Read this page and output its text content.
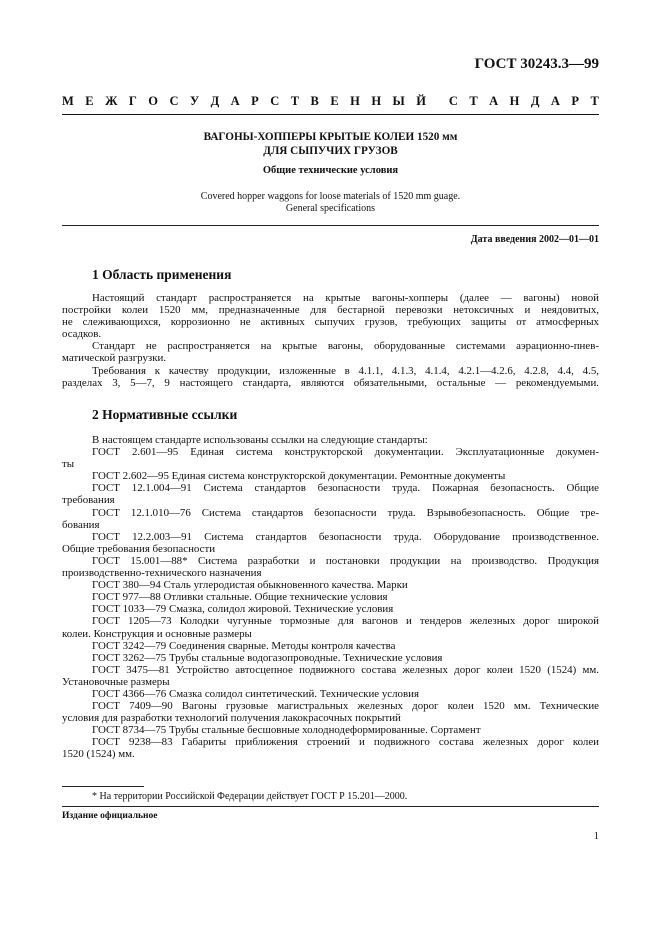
ГОСТ 30243.3—99
М Е Ж Г О С У Д А Р С Т В Е Н Н Ы Й С Т А Н Д А Р Т
ВАГОНЫ-ХОППЕРЫ КРЫТЫЕ КОЛЕИ 1520 мм
ДЛЯ СЫПУЧИХ ГРУЗОВ
Общие технические условия
Covered hopper waggons for loose materials of 1520 mm guage.
General specifications
Дата введения 2002—01—01
1 Область применения
Настоящий стандарт распространяется на крытые вагоны-хопперы (далее — вагоны) новой
постройки колеи 1520 мм, предназначенные для бестарной перевозки нетоксичных и неядовитых,
не слеживающихся, коррозионно не активных сыпучих грузов, требующих защиты от атмосферных
осадков.
Стандарт не распространяется на крытые вагоны, оборудованные системами аэрационно-пнев-
матической разгрузки.
Требования к качеству продукции, изложенные в 4.1.1, 4.1.3, 4.1.4, 4.2.1—4.2.6, 4.2.8, 4.4, 4.5,
разделах 3, 5—7, 9 настоящего стандарта, являются обязательными, остальные — рекомендуемыми.
2 Нормативные ссылки
В настоящем стандарте использованы ссылки на следующие стандарты:
ГОСТ 2.601—95 Единая система конструкторской документации. Эксплуатационные докумен-
ты
ГОСТ 2.602—95 Единая система конструкторской документации. Ремонтные документы
ГОСТ 12.1.004—91 Система стандартов безопасности труда. Пожарная безопасность. Общие
требования
ГОСТ 12.1.010—76 Система стандартов безопасности труда. Взрывобезопасность. Общие тре-
бования
ГОСТ 12.2.003—91 Система стандартов безопасности труда. Оборудование производственное.
Общие требования безопасности
ГОСТ 15.001—88* Система разработки и постановки продукции на производство. Продукция
производственно-технического назначения
ГОСТ 380—94 Сталь углеродистая обыкновенного качества. Марки
ГОСТ 977—88 Отливки стальные. Общие технические условия
ГОСТ 1033—79 Смазка, солидол жировой. Технические условия
ГОСТ 1205—73 Колодки чугунные тормозные для вагонов и тендеров железных дорог широкой
колеи. Конструкция и основные размеры
ГОСТ 3242—79 Соединения сварные. Методы контроля качества
ГОСТ 3262—75 Трубы стальные водогазопроводные. Технические условия
ГОСТ 3475—81 Устройство автосцепное подвижного состава железных дорог колеи 1520 (1524) мм.
Установочные размеры
ГОСТ 4366—76 Смазка солидол синтетический. Технические условия
ГОСТ 7409—90 Вагоны грузовые магистральных железных дорог колеи 1520 мм. Технические
условия для разработки технологий получения лакокрасочных покрытий
ГОСТ 8734—75 Трубы стальные бесшовные холоднодеформированные. Сортамент
ГОСТ 9238—83 Габариты приближения строений и подвижного состава железных дорог колеи
1520 (1524) мм.
* На территории Российской Федерации действует ГОСТ Р 15.201—2000.
Издание официальное
1
